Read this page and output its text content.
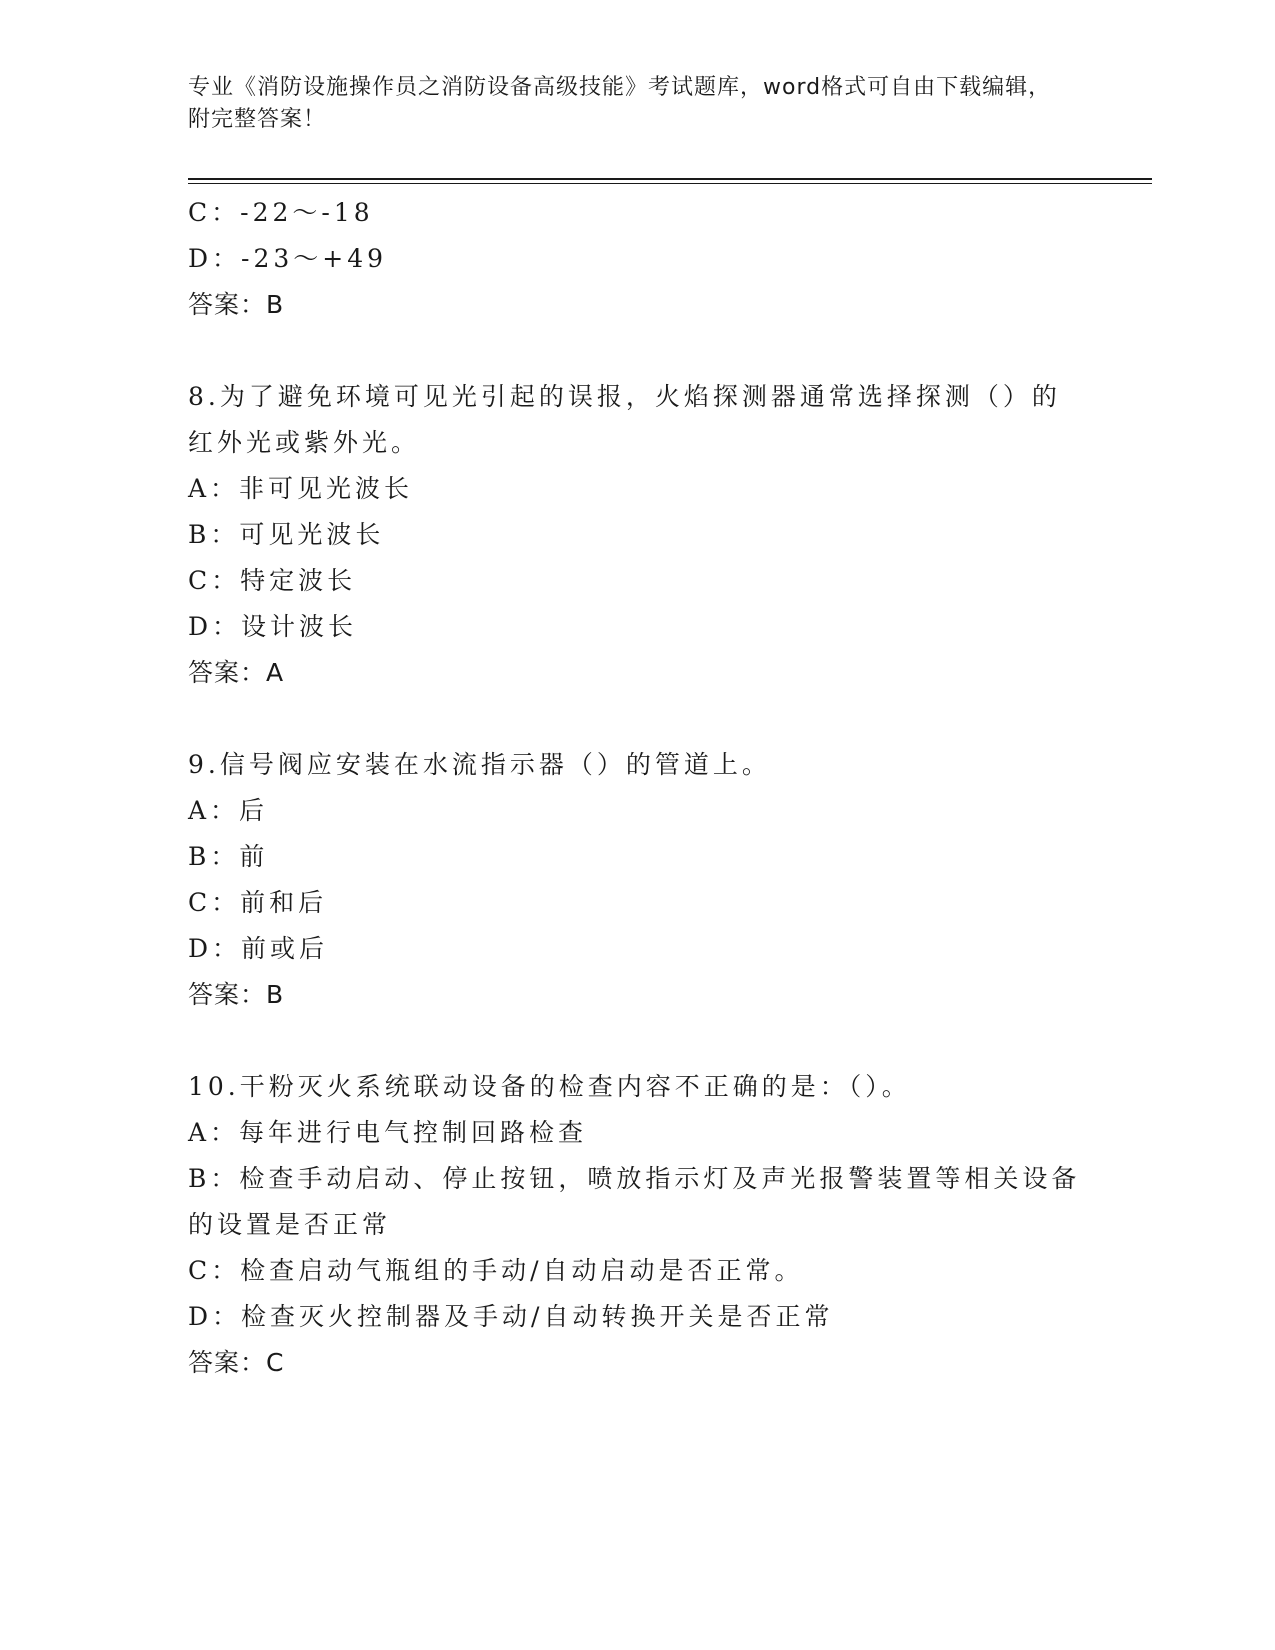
专业《消防设施操作员之消防设备高级技能》考试题库，word格式可自由下载编辑，附完整答案！
C：-22～-18
D：-23～+49
答案：B
8.为了避免环境可见光引起的误报，火焰探测器通常选择探测（）的红外光或紫外光。
A：非可见光波长
B：可见光波长
C：特定波长
D：设计波长
答案：A
9.信号阀应安装在水流指示器（）的管道上。
A：后
B：前
C：前和后
D：前或后
答案：B
10.干粉灭火系统联动设备的检查内容不正确的是：（）。
A：每年进行电气控制回路检查
B：检查手动启动、停止按钮，喷放指示灯及声光报警装置等相关设备的设置是否正常
C：检查启动气瓶组的手动/自动启动是否正常。
D：检查灭火控制器及手动/自动转换开关是否正常
答案：C
